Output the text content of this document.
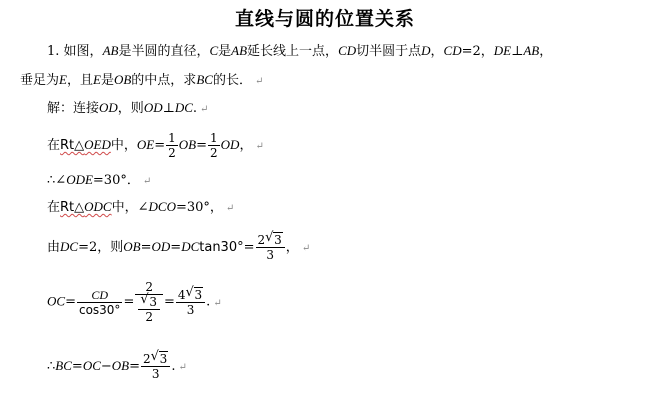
直线与圆的位置关系
1. 如图，AB是半圆的直径，C是AB延长线上一点，CD切半圆于点D，CD=2，DE⊥AB，
垂足为E，且E是OB的中点，求BC的长． ↵
解：连接OD，则OD⊥DC. ↵
在Rt△OED中，$OE= \frac{1}{2} OB= \frac{1}{2}$ OD， ↵
∴∠ODE=30°． ↵
在Rt△ODC中，∠DCO=30°， ↵
由DC=2，则$OB=OD=DCtan30^\circ= \frac{2 √ 3}{3}$ ， ↵
$OC= \frac{CD}{\cos 30^\circ} = \frac{2}{\frac{√ 3}{2}} = \frac{4 √ 3}{3}$ . ↵
∴BC=OC−OB= $\frac{2 √ 3}{3}$ . ↵
